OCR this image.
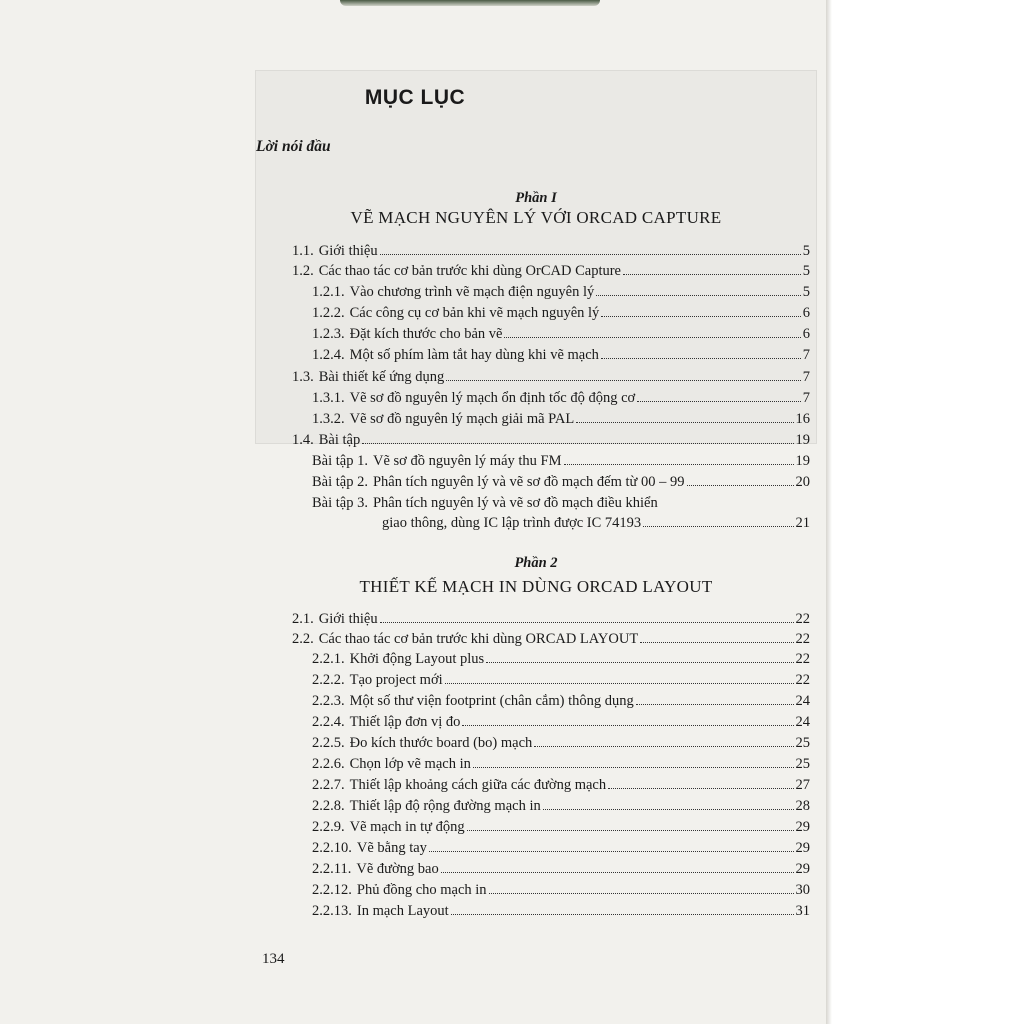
MỤC LỤC
Lời nói đầu
Phần I
VẼ MẠCH NGUYÊN LÝ VỚI ORCAD CAPTURE
1.1. Giới thiệu	5
1.2. Các thao tác cơ bản trước khi dùng OrCAD Capture	5
1.2.1. Vào chương trình vẽ mạch điện nguyên lý	5
1.2.2. Các công cụ cơ bản khi vẽ mạch nguyên lý	6
1.2.3. Đặt kích thước cho bản vẽ	6
1.2.4. Một số phím làm tắt hay dùng khi vẽ mạch	7
1.3. Bài thiết kế ứng dụng	7
1.3.1. Vẽ sơ đồ nguyên lý mạch ổn định tốc độ động cơ	7
1.3.2. Vẽ sơ đồ nguyên lý mạch giải mã PAL	16
1.4. Bài tập	19
Bài tập 1. Vẽ sơ đồ nguyên lý máy thu FM	19
Bài tập 2. Phân tích nguyên lý và vẽ sơ đồ mạch đếm từ 00 – 99	20
Bài tập 3. Phân tích nguyên lý và vẽ sơ đồ mạch điều khiển
giao thông, dùng IC lập trình được IC 74193	21
Phần 2
THIẾT KẾ MẠCH IN DÙNG ORCAD LAYOUT
2.1. Giới thiệu	22
2.2. Các thao tác cơ bản trước khi dùng ORCAD LAYOUT	22
2.2.1. Khởi động Layout plus	22
2.2.2. Tạo project mới	22
2.2.3. Một số thư viện footprint (chân cắm) thông dụng	24
2.2.4. Thiết lập đơn vị đo	24
2.2.5. Đo kích thước board (bo) mạch	25
2.2.6. Chọn lớp vẽ mạch in	25
2.2.7. Thiết lập khoảng cách giữa các đường mạch	27
2.2.8. Thiết lập độ rộng đường mạch in	28
2.2.9. Vẽ mạch in tự động	29
2.2.10. Vẽ bằng tay	29
2.2.11. Vẽ đường bao	29
2.2.12. Phủ đồng cho mạch in	30
2.2.13. In mạch Layout	31
134
